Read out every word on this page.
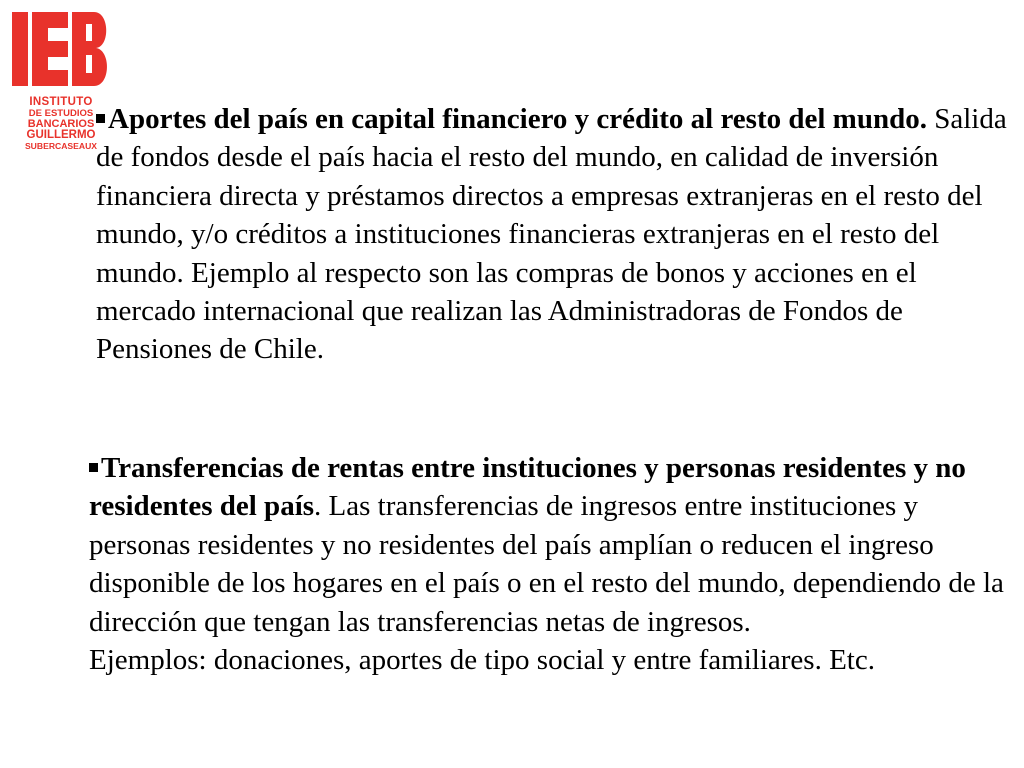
INSTITUTO
DE ESTUDIOS
BANCARIOS
GUILLERMO
SUBERCASEAUX
Aportes del país en capital financiero y crédito al resto del mundo. Salida de fondos desde el país hacia el resto del mundo, en calidad de inversión financiera directa y préstamos directos a empresas extranjeras en el resto del mundo, y/o créditos a instituciones financieras extranjeras en el resto del mundo. Ejemplo al respecto son las compras de bonos y acciones en el mercado internacional que realizan las Administradoras de Fondos de Pensiones de Chile.
Transferencias de rentas entre instituciones y personas residentes y no residentes del país. Las transferencias de ingresos entre instituciones y personas residentes y no residentes del país amplían o reducen el ingreso disponible de los hogares en el país o en el resto del mundo, dependiendo de la dirección que tengan las transferencias netas de ingresos.
Ejemplos: donaciones, aportes de tipo social y entre familiares. Etc.
